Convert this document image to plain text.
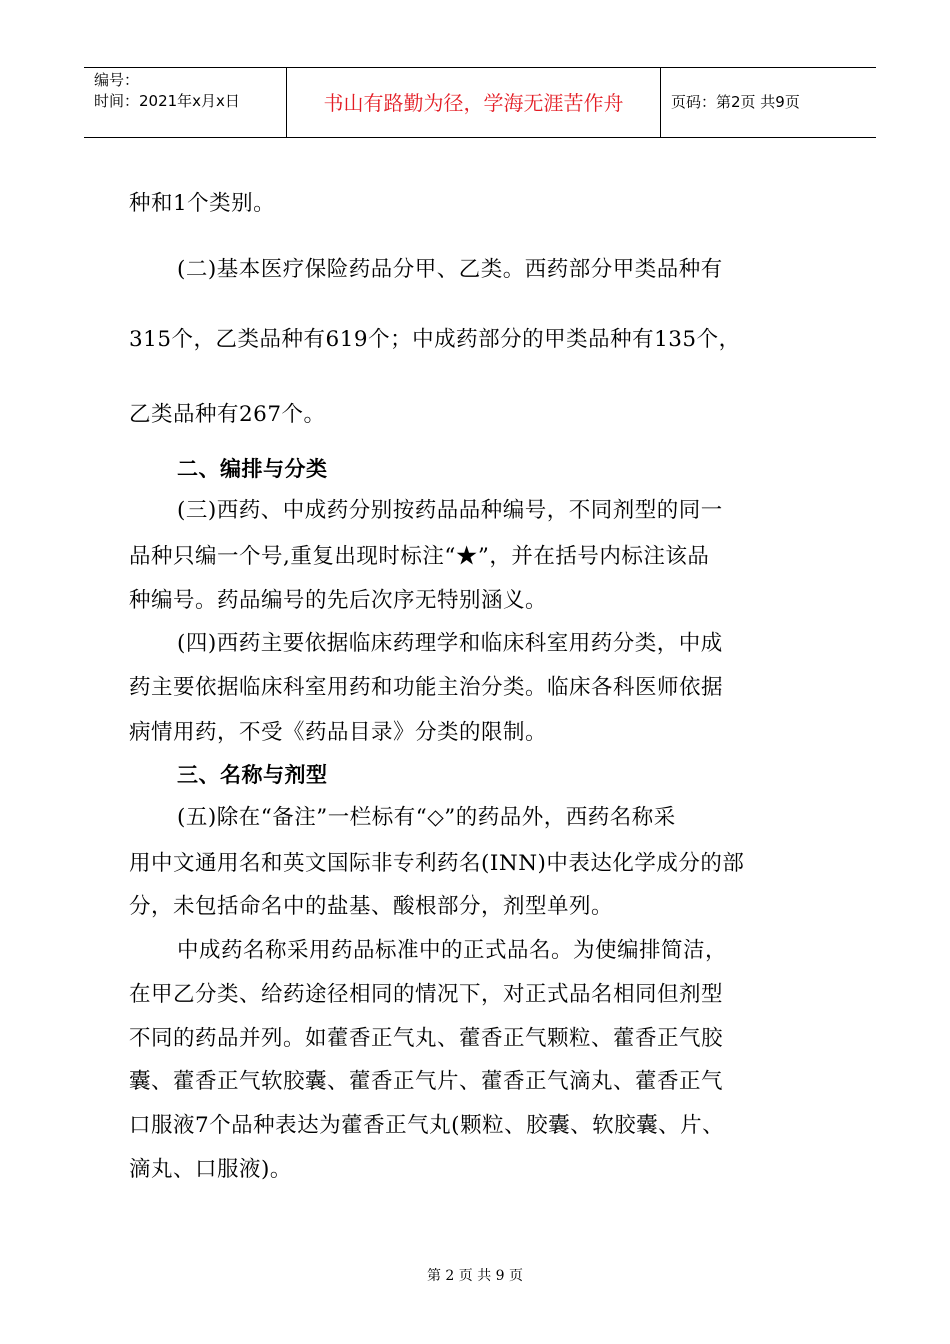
编号：
时间：2021年x月x日	书山有路勤为径，学海无涯苦作舟	页码：第2页 共9页
种和1个类别。
(二)基本医疗保险药品分甲、乙类。西药部分甲类品种有
315个，乙类品种有619个；中成药部分的甲类品种有135个，
乙类品种有267个。
二、编排与分类
(三)西药、中成药分别按药品品种编号，不同剂型的同一
品种只编一个号,重复出现时标注“★”，并在括号内标注该品
种编号。药品编号的先后次序无特别涵义。
(四)西药主要依据临床药理学和临床科室用药分类，中成
药主要依据临床科室用药和功能主治分类。临床各科医师依据
病情用药，不受《药品目录》分类的限制。
三、名称与剂型
(五)除在“备注”一栏标有“◇”的药品外，西药名称采
用中文通用名和英文国际非专利药名(INN)中表达化学成分的部
分，未包括命名中的盐基、酸根部分，剂型单列。
中成药名称采用药品标准中的正式品名。为使编排简洁，
在甲乙分类、给药途径相同的情况下，对正式品名相同但剂型
不同的药品并列。如藿香正气丸、藿香正气颗粒、藿香正气胶
囊、藿香正气软胶囊、藿香正气片、藿香正气滴丸、藿香正气
口服液7个品种表达为藿香正气丸(颗粒、胶囊、软胶囊、片、
滴丸、口服液)。
第 2 页 共 9 页
